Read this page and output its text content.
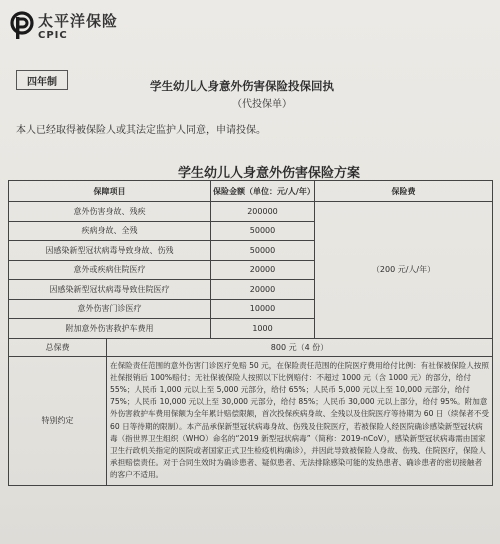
太平洋保险
CPIC
四年制	学生幼儿人身意外伤害保险投保回执
（代投保单）
本人已经取得被保险人或其法定监护人同意，申请投保。
学生幼儿人身意外伤害保险方案
保障项目		保险金额（单位：元/人/年）	保险费
意外伤害身故、残疾		200000	（200 元/人/年）
疾病身故、全残		50000	
因感染新型冠状病毒导致身故、伤残		50000	
意外或疾病住院医疗		20000	
因感染新型冠状病毒导致住院医疗		20000	
意外伤害门诊医疗		10000	
附加意外伤害救护车费用		1000	
总保费	800 元（4 份）		
特别约定	在保险责任范围的意外伤害门诊医疗免赔 50 元，在保险责任范围的住院医疗费用给付比例：有社保被保险人按照社保报销后 100%赔付；无社保被保险人按照以下比例赔付：不超过 1000 元（含 1000 元）的部分，给付 55%；人民币 1,000 元以上至 5,000 元部分，给付 65%；人民币 5,000 元以上至 10,000 元部分，给付 75%；人民币 10,000 元以上至 30,000 元部分，给付 85%；人民币 30,000 元以上部分，给付 95%。附加意外伤害救护车费用保额为全年累计赔偿限额，首次投保疾病身故、全残以及住院医疗等待期为 60 日（续保者不受 60 日等待期的限制）。本产品承保新型冠状病毒身故、伤残及住院医疗，若被保险人经医院确诊感染新型冠状病毒（指世界卫生组织（WHO）命名的“2019 新型冠状病毒”（简称：2019-nCoV），感染新型冠状病毒需由国家卫生行政机关指定的医院或者国家正式卫生检疫机构确诊），并因此导致被保险人身故、伤残、住院医疗，保险人承担赔偿责任。对于合同生效时为确诊患者、疑似患者、无法排除感染可能的发热患者、确诊患者的密切接触者的客户不适用。		
